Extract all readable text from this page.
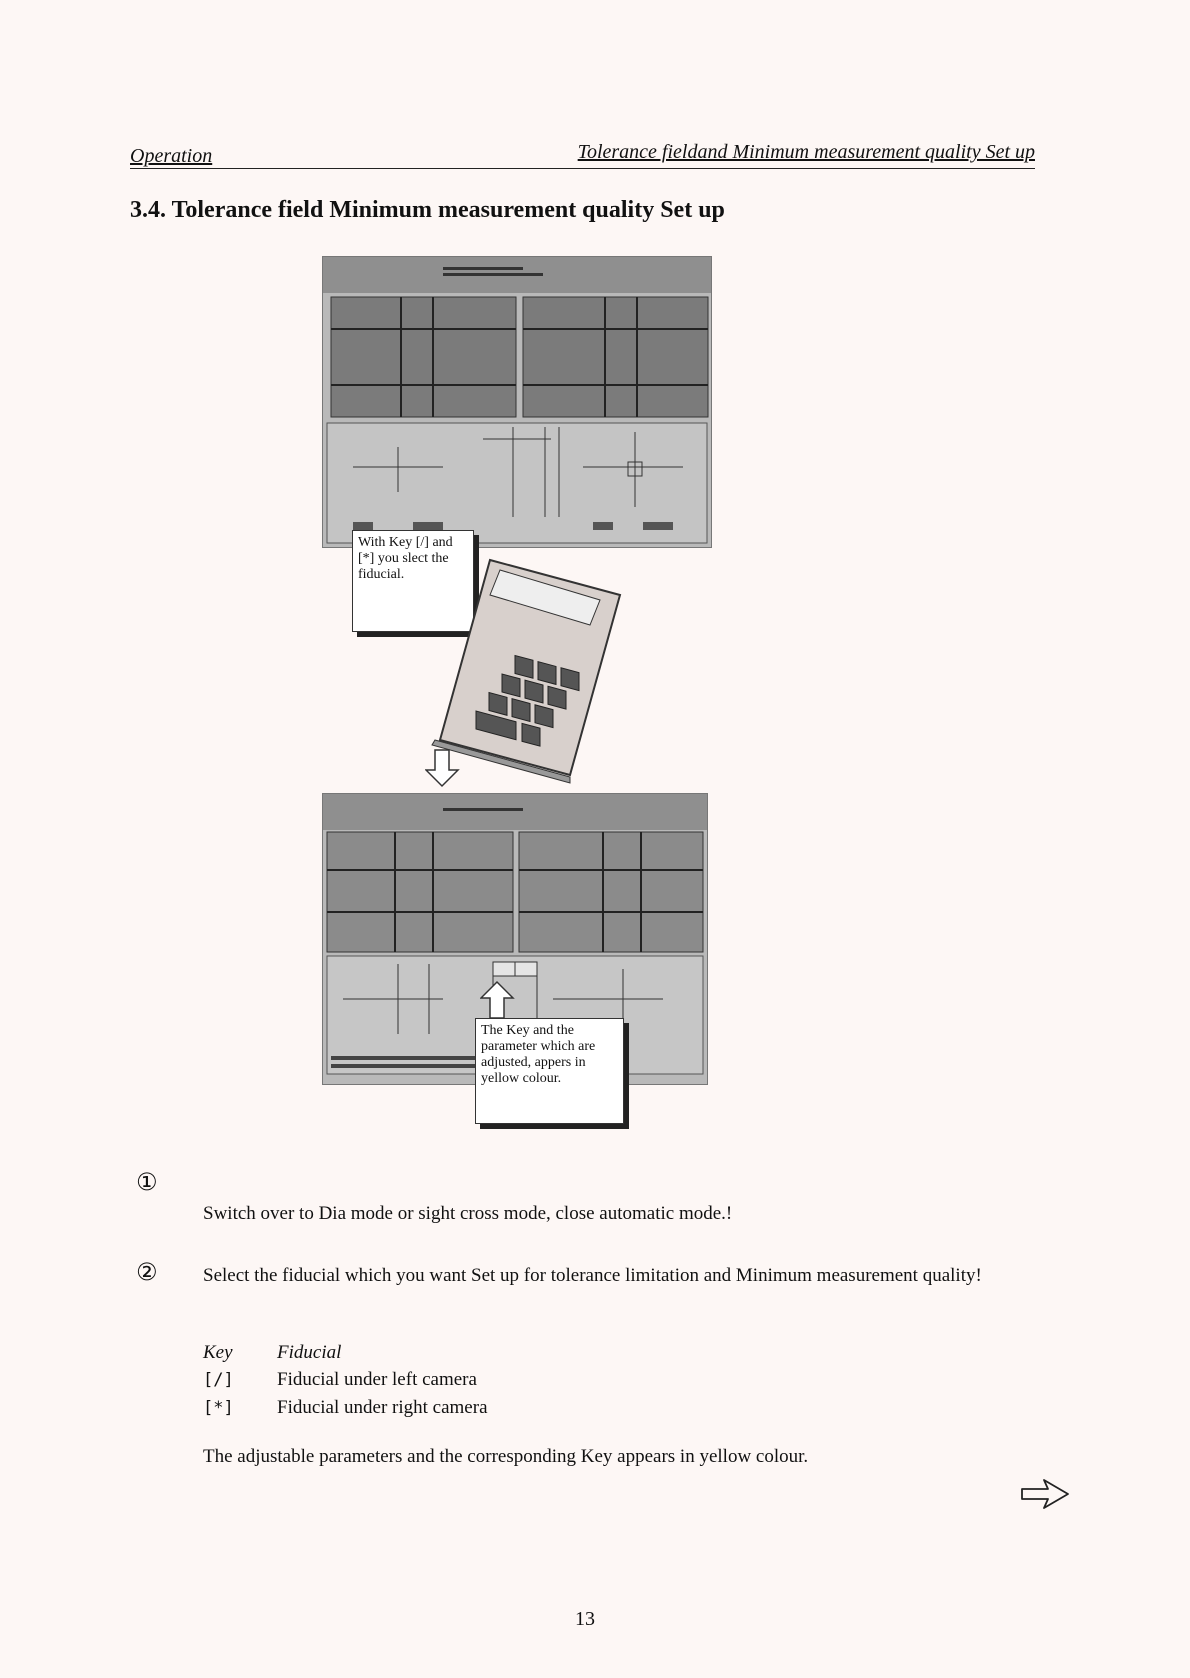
Operation	Tolerance fieldand Minimum measurement quality Set up
3.4. Tolerance field Minimum measurement quality Set up
With Key [/] and [*] you slect the fiducial.
The Key and the parameter which are adjusted, appers in yellow colour.
①
Switch over to Dia mode or sight cross mode, close automatic mode.!
② Select the fiducial which you want Set up for tolerance limitation and Minimum measurement quality!
Key Fiducial
[/] Fiducial under left camera
[*] Fiducial under right camera
The adjustable parameters and the corresponding Key appears in yellow colour.
13
